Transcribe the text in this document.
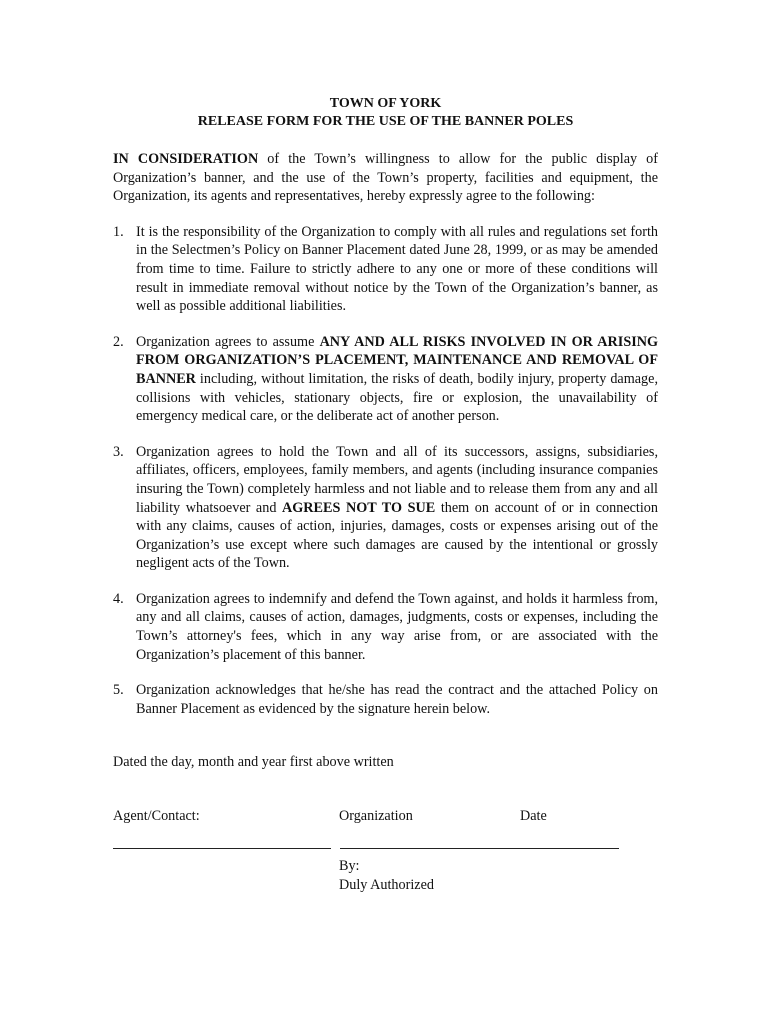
TOWN OF YORK
RELEASE FORM FOR THE USE OF THE BANNER POLES

IN CONSIDERATION of the Town’s willingness to allow for the public display of Organization’s banner, and the use of the Town’s property, facilities and equipment, the Organization, its agents and representatives, hereby expressly agree to the following:

1. It is the responsibility of the Organization to comply with all rules and regulations set forth in the Selectmen’s Policy on Banner Placement dated June 28, 1999, or as may be amended from time to time. Failure to strictly adhere to any one or more of these conditions will result in immediate removal without notice by the Town of the Organization’s banner, as well as possible additional liabilities.
2. Organization agrees to assume ANY AND ALL RISKS INVOLVED IN OR ARISING FROM ORGANIZATION’S PLACEMENT, MAINTENANCE AND REMOVAL OF BANNER including, without limitation, the risks of death, bodily injury, property damage, collisions with vehicles, stationary objects, fire or explosion, the unavailability of emergency medical care, or the deliberate act of another person.
3. Organization agrees to hold the Town and all of its successors, assigns, subsidiaries, affiliates, officers, employees, family members, and agents (including insurance companies insuring the Town) completely harmless and not liable and to release them from any and all liability whatsoever and AGREES NOT TO SUE them on account of or in connection with any claims, causes of action, injuries, damages, costs or expenses arising out of the Organization’s use except where such damages are caused by the intentional or grossly negligent acts of the Town.
4. Organization agrees to indemnify and defend the Town against, and holds it harmless from, any and all claims, causes of action, damages, judgments, costs or expenses, including the Town’s attorney's fees, which in any way arise from, or are associated with the Organization’s placement of this banner.
5. Organization acknowledges that he/she has read the contract and the attached Policy on Banner Placement as evidenced by the signature herein below.
Dated the day, month and year first above written
Agent/Contact:	Organization	Date
By:
Duly Authorized
